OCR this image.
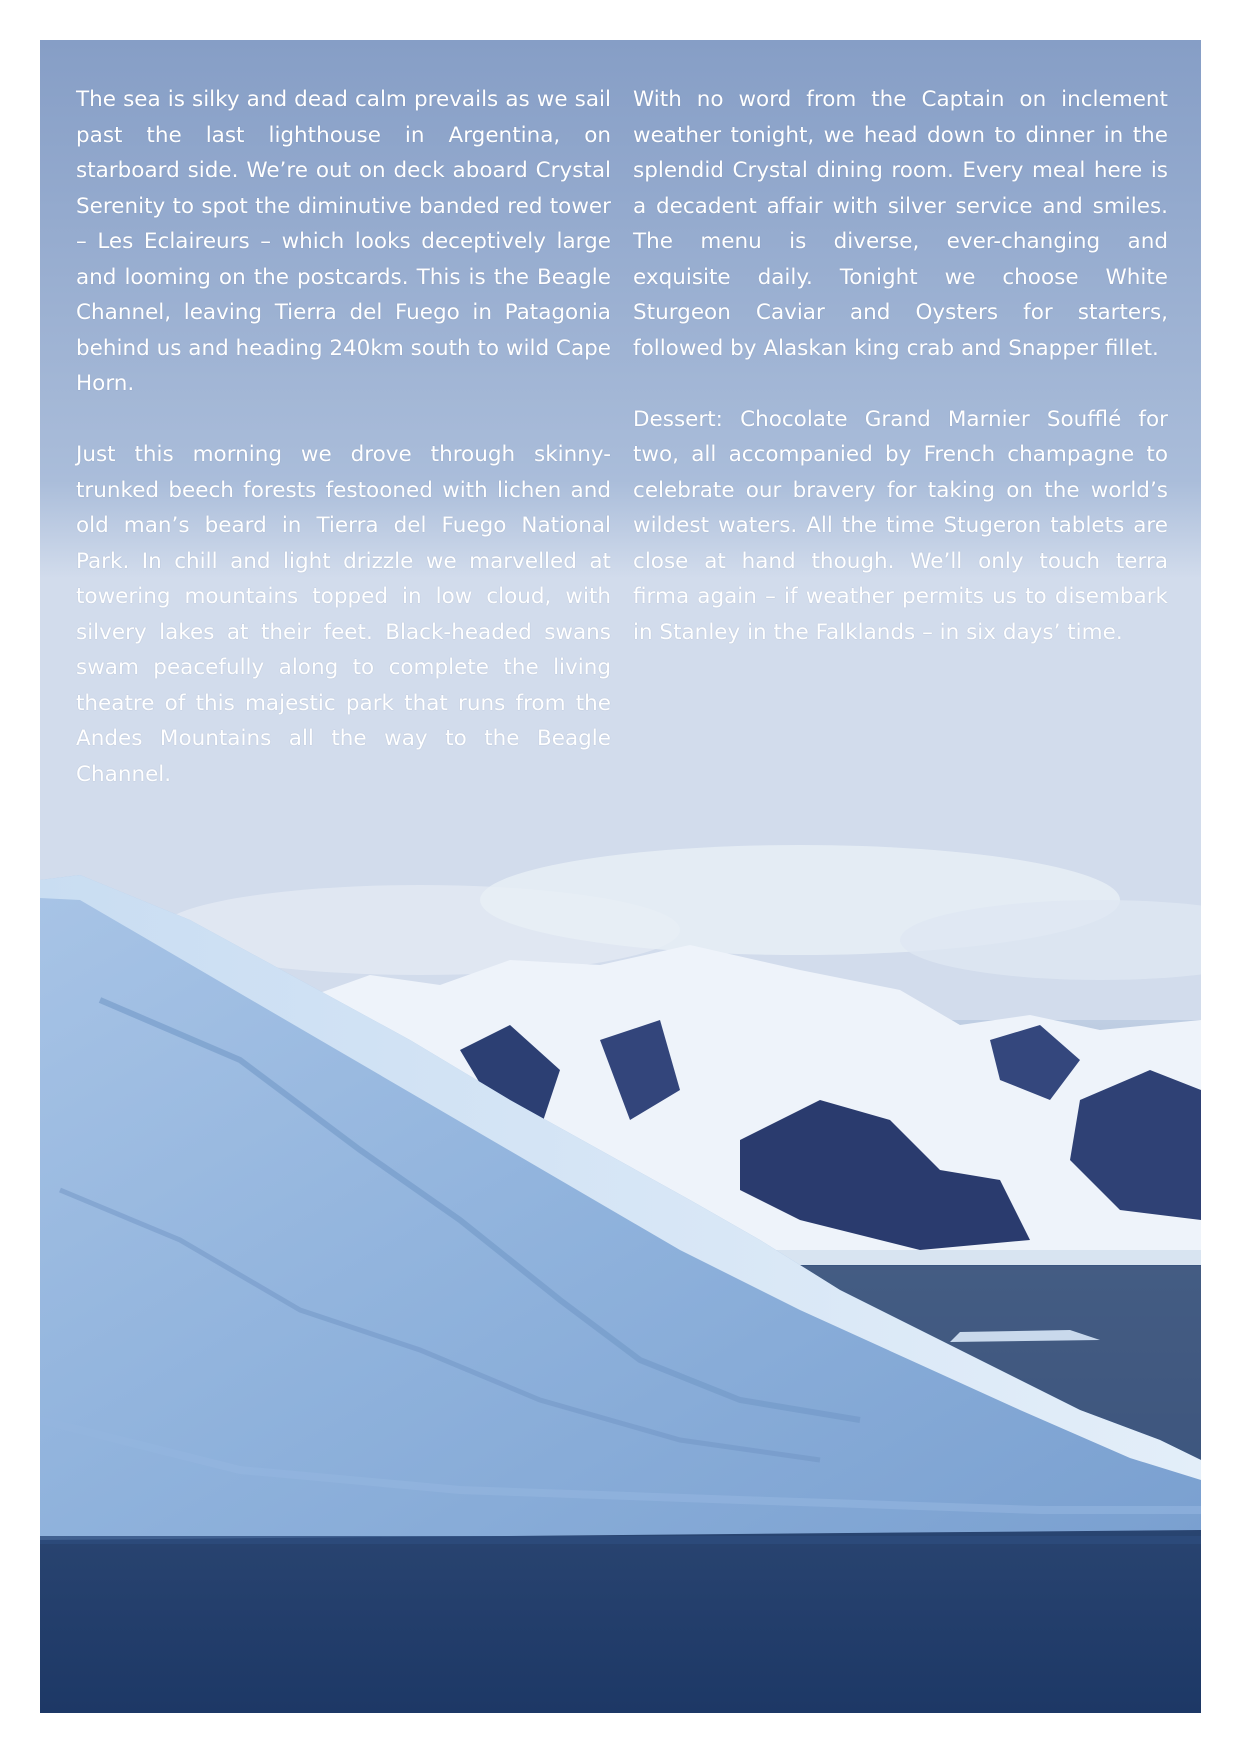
The sea is silky and dead calm prevails as we sail past the last lighthouse in Argentina, on starboard side. We’re out on deck aboard Crystal Serenity to spot the diminutive banded red tower – Les Eclaireurs – which looks deceptively large and looming on the postcards. This is the Beagle Channel, leaving Tierra del Fuego in Patagonia behind us and heading 240km south to wild Cape Horn.

Just this morning we drove through skinny-trunked beech forests festooned with lichen and old man’s beard in Tierra del Fuego National Park. In chill and light drizzle we marvelled at towering mountains topped in low cloud, with silvery lakes at their feet. Black-headed swans swam peacefully along to complete the living theatre of this majestic park that runs from the Andes Mountains all the way to the Beagle Channel.

With no word from the Captain on inclement weather tonight, we head down to dinner in the splendid Crystal dining room. Every meal here is a decadent affair with silver service and smiles. The menu is diverse, ever-changing and exquisite daily. Tonight we choose White Sturgeon Caviar and Oysters for starters, followed by Alaskan king crab and Snapper fillet.

Dessert: Chocolate Grand Marnier Soufflé for two, all accompanied by French champagne to celebrate our bravery for taking on the world’s wildest waters. All the time Stugeron tablets are close at hand though. We’ll only touch terra firma again – if weather permits us to disembark in Stanley in the Falklands – in six days’ time.
